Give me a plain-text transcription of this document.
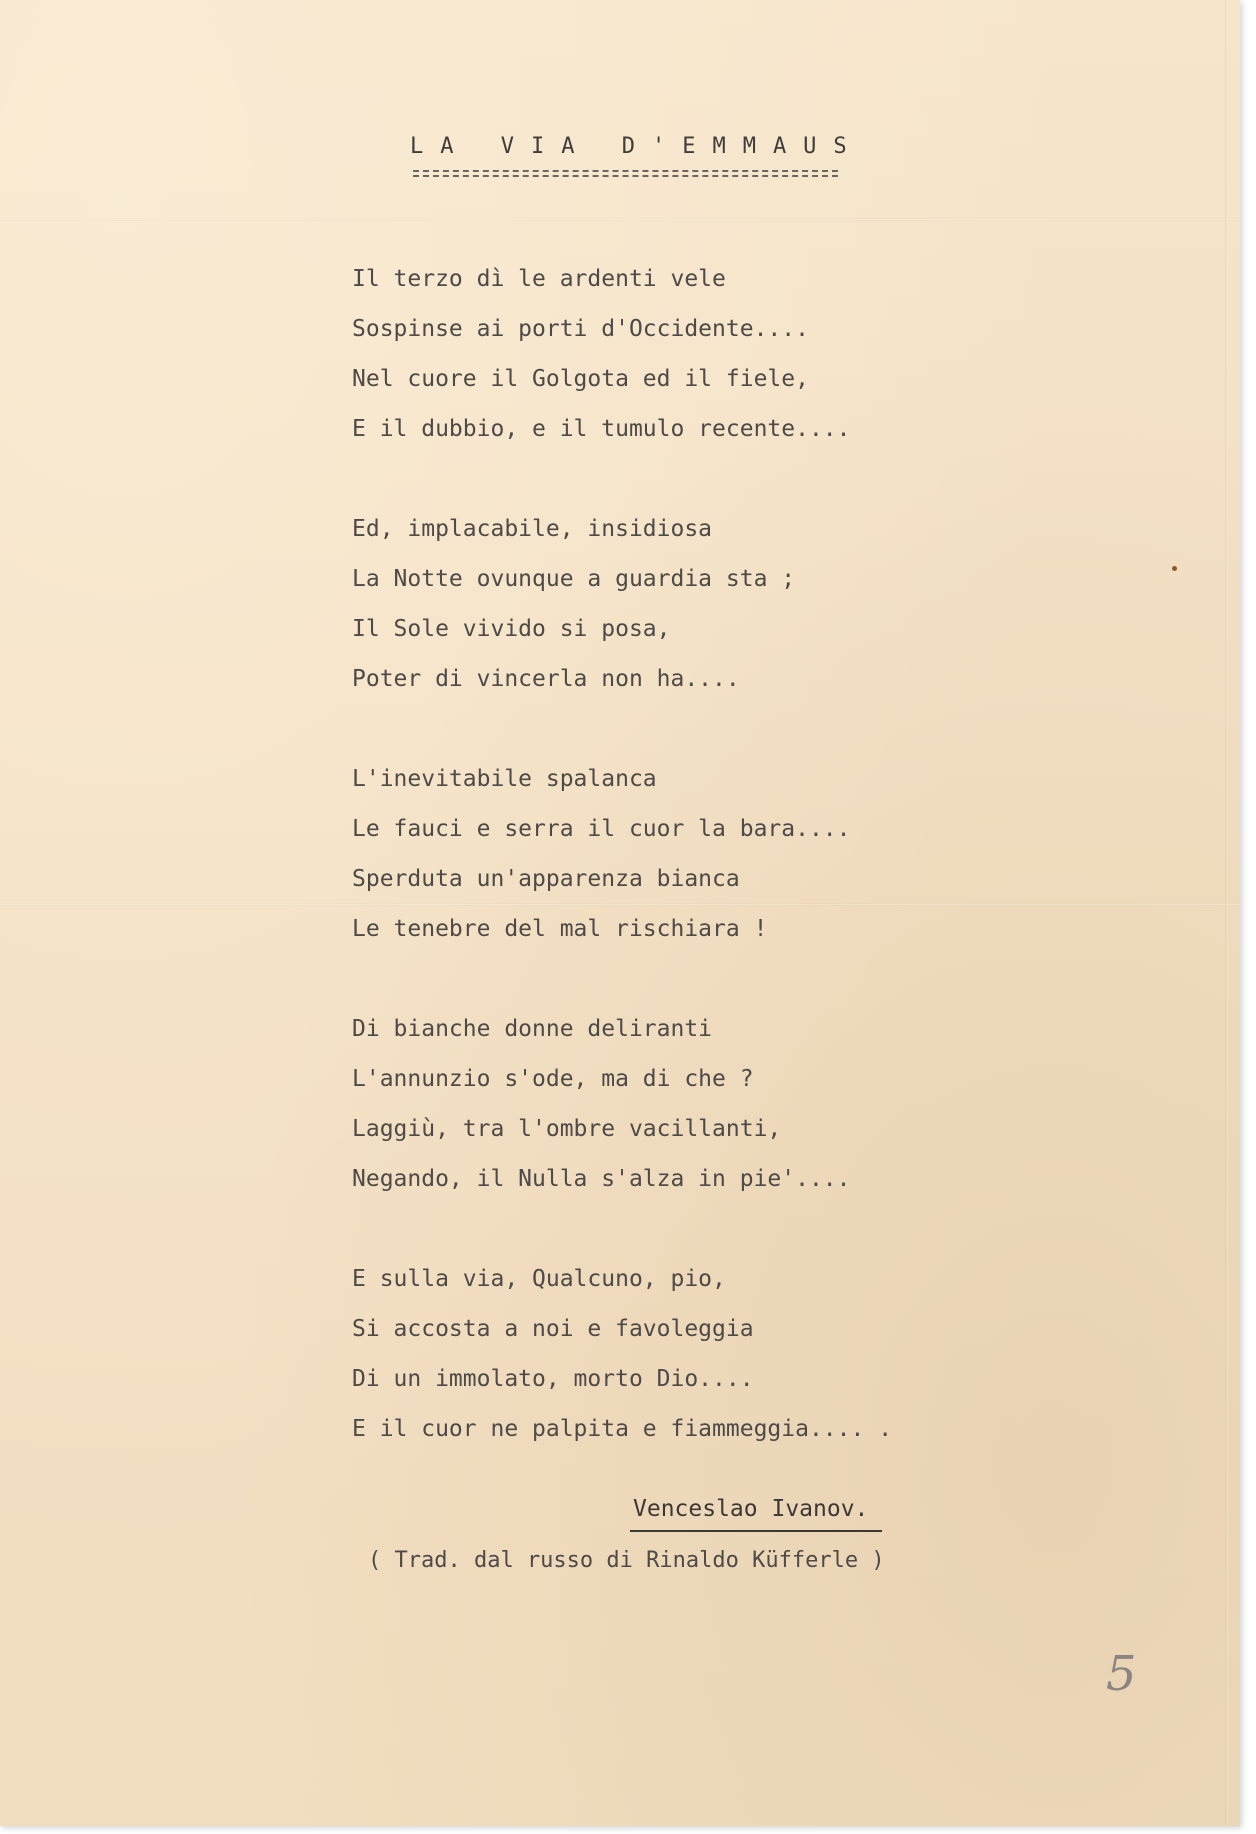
LA VIA D'EMMAUS
Il terzo dì le ardenti vele
Sospinse ai porti d'Occidente....
Nel cuore il Golgota ed il fiele,
E il dubbio, e il tumulo recente....
Ed, implacabile, insidiosa
La Notte ovunque a guardia sta ;
Il Sole vivido si posa,
Poter di vincerla non ha....
L'inevitabile spalanca
Le fauci e serra il cuor la bara....
Sperduta un'apparenza bianca
Le tenebre del mal rischiara !
Di bianche donne deliranti
L'annunzio s'ode, ma di che ?
Laggiù, tra l'ombre vacillanti,
Negando, il Nulla s'alza in pie'....
E sulla via, Qualcuno, pio,
Si accosta a noi e favoleggia
Di un immolato, morto Dio....
E il cuor ne palpita e fiammeggia.... .
Venceslao Ivanov.
( Trad. dal russo di Rinaldo Küfferle )
5
